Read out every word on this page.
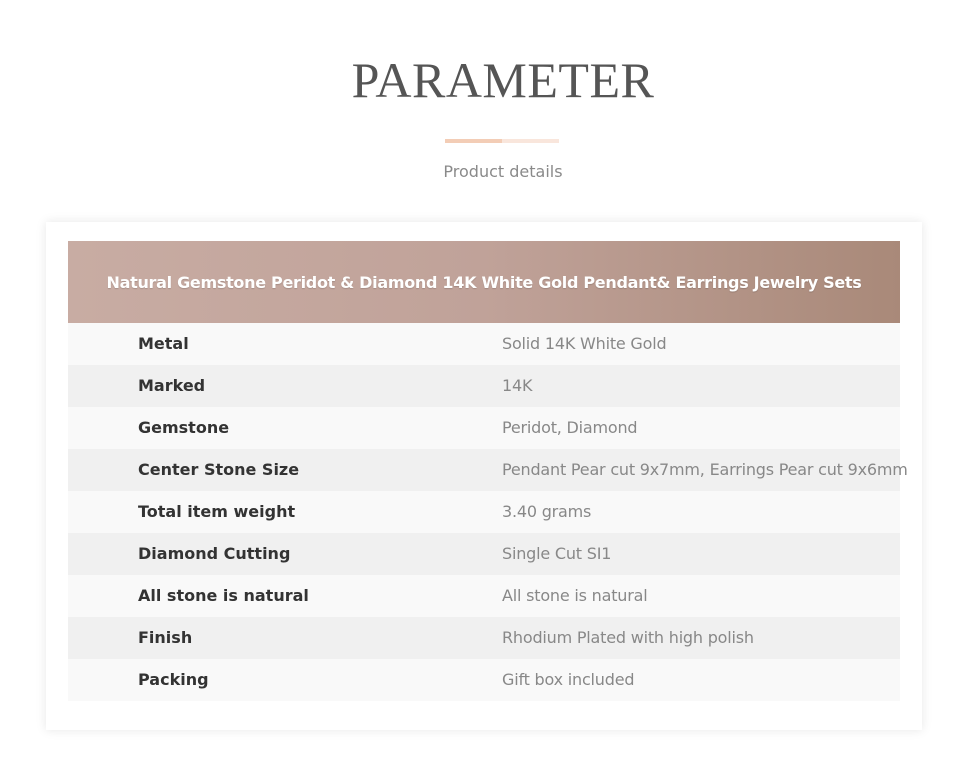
PARAMETER
Product details
Natural Gemstone Peridot & Diamond 14K White Gold Pendant& Earrings Jewelry Sets
Metal	Solid 14K White Gold
Marked	14K
Gemstone	Peridot, Diamond
Center Stone Size	Pendant Pear cut 9x7mm, Earrings Pear cut 9x6mm
Total item weight	3.40 grams
Diamond Cutting	Single Cut SI1
All stone is natural	All stone is natural
Finish	Rhodium Plated with high polish
Packing	Gift box included
